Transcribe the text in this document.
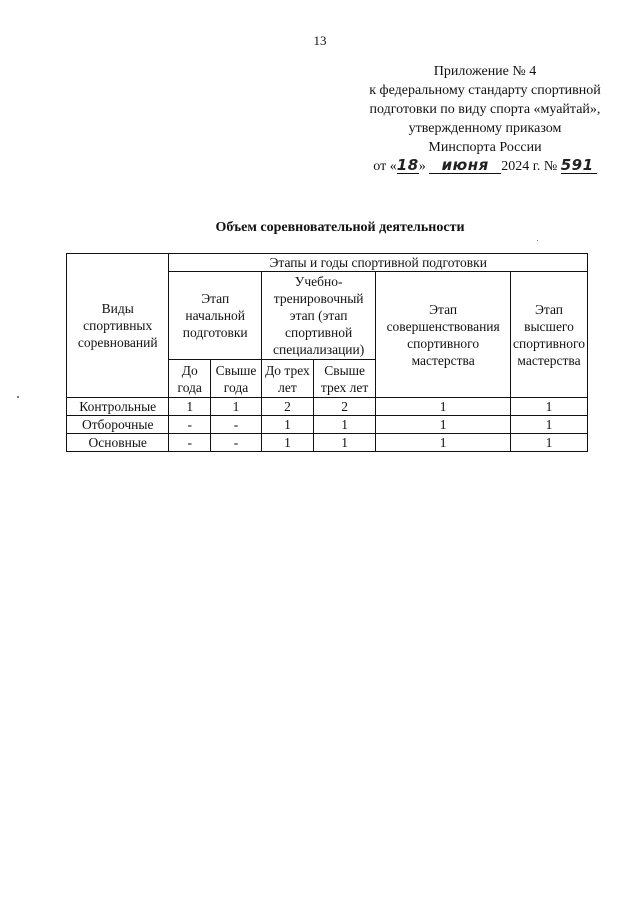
13
Приложение № 4
к федеральному стандарту спортивной
подготовки по виду спорта «муайтай»,
утвержденному приказом
Минспорта России
от «18» июня 2024 г. № 591
Объем соревновательной деятельности
Виды спортивных соревнований	Этапы и годы спортивной подготовки					
	Этап начальной подготовки		Учебно-тренировочный этап (этап спортивной специализации)		Этап совершенствования спортивного мастерства	Этап высшего спортивного мастерства
	До года	Свыше года	До трех лет	Свыше трех лет		
Контрольные	1	1	2	2	1	1
Отборочные	-	-	1	1	1	1
Основные	-	-	1	1	1	1
